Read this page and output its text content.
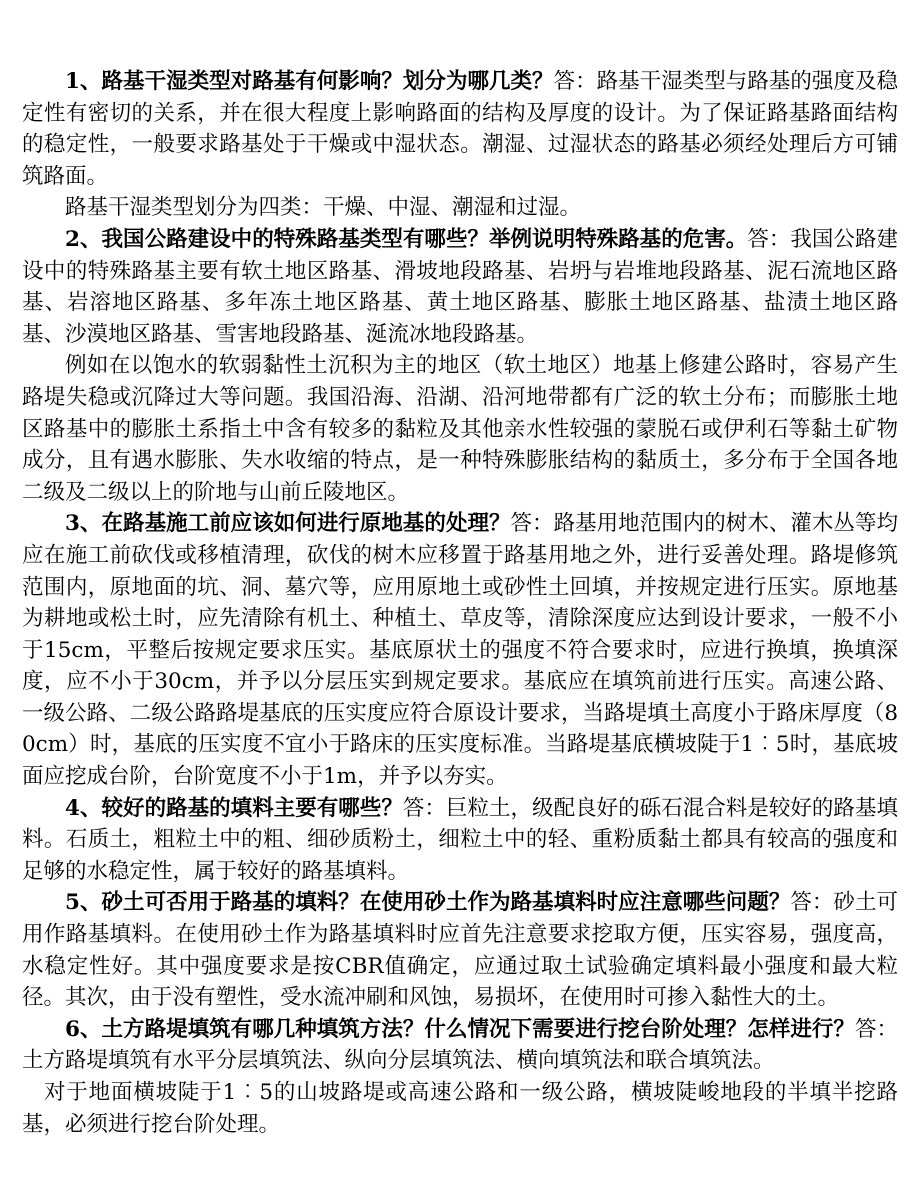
1、路基干湿类型对路基有何影响？划分为哪几类？答：路基干湿类型与路基的强度及稳定性有密切的关系，并在很大程度上影响路面的结构及厚度的设计。为了保证路基路面结构的稳定性，一般要求路基处于干燥或中湿状态。潮湿、过湿状态的路基必须经处理后方可铺筑路面。

路基干湿类型划分为四类：干燥、中湿、潮湿和过湿。

2、我国公路建设中的特殊路基类型有哪些？举例说明特殊路基的危害。答：我国公路建设中的特殊路基主要有软土地区路基、滑坡地段路基、岩坍与岩堆地段路基、泥石流地区路基、岩溶地区路基、多年冻土地区路基、黄土地区路基、膨胀土地区路基、盐渍土地区路基、沙漠地区路基、雪害地段路基、涎流冰地段路基。

例如在以饱水的软弱黏性土沉积为主的地区（软土地区）地基上修建公路时，容易产生路堤失稳或沉降过大等问题。我国沿海、沿湖、沿河地带都有广泛的软土分布；而膨胀土地区路基中的膨胀土系指土中含有较多的黏粒及其他亲水性较强的蒙脱石或伊利石等黏土矿物成分，且有遇水膨胀、失水收缩的特点，是一种特殊膨胀结构的黏质土，多分布于全国各地二级及二级以上的阶地与山前丘陵地区。

3、在路基施工前应该如何进行原地基的处理？答：路基用地范围内的树木、灌木丛等均应在施工前砍伐或移植清理，砍伐的树木应移置于路基用地之外，进行妥善处理。路堤修筑范围内，原地面的坑、洞、墓穴等，应用原地土或砂性土回填，并按规定进行压实。原地基为耕地或松土时，应先清除有机土、种植土、草皮等，清除深度应达到设计要求，一般不小于15cm，平整后按规定要求压实。基底原状土的强度不符合要求时，应进行换填，换填深度，应不小于30cm，并予以分层压实到规定要求。基底应在填筑前进行压实。高速公路、一级公路、二级公路路堤基底的压实度应符合原设计要求，当路堤填土高度小于路床厚度（80cm）时，基底的压实度不宜小于路床的压实度标准。当路堤基底横坡陡于1︰5时，基底坡面应挖成台阶，台阶宽度不小于1m，并予以夯实。

4、较好的路基的填料主要有哪些？答：巨粒土，级配良好的砾石混合料是较好的路基填料。石质土，粗粒土中的粗、细砂质粉土，细粒土中的轻、重粉质黏土都具有较高的强度和足够的水稳定性，属于较好的路基填料。

5、砂土可否用于路基的填料？在使用砂土作为路基填料时应注意哪些问题？答：砂土可用作路基填料。在使用砂土作为路基填料时应首先注意要求挖取方便，压实容易，强度高，水稳定性好。其中强度要求是按CBR值确定，应通过取土试验确定填料最小强度和最大粒径。其次，由于没有塑性，受水流冲刷和风蚀，易损坏，在使用时可掺入黏性大的土。

6、土方路堤填筑有哪几种填筑方法？什么情况下需要进行挖台阶处理？怎样进行？答：土方路堤填筑有水平分层填筑法、纵向分层填筑法、横向填筑法和联合填筑法。

对于地面横坡陡于1︰5的山坡路堤或高速公路和一级公路，横坡陡峻地段的半填半挖路基，必须进行挖台阶处理。
